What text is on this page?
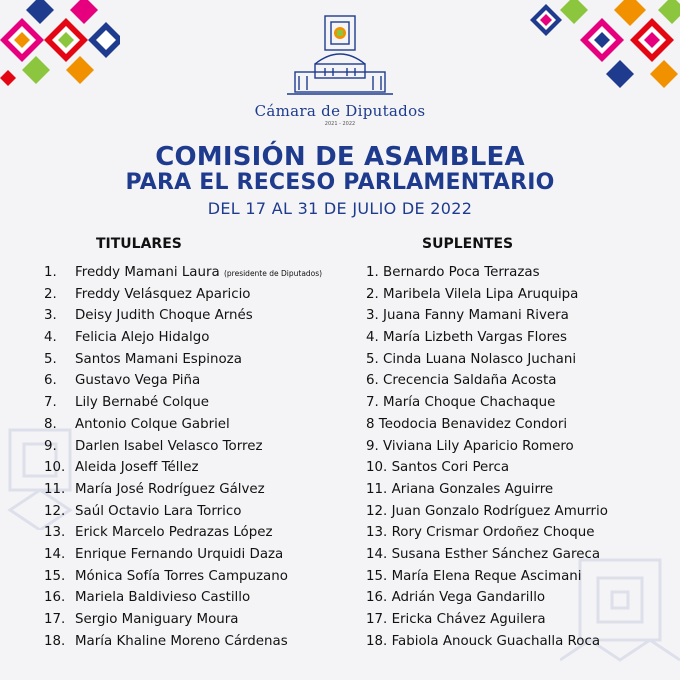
Cámara de Diputados
2021 - 2022
COMISIÓN DE ASAMBLEA
PARA EL RECESO PARLAMENTARIO
DEL 17 AL 31 DE JULIO DE 2022
TITULARES	SUPLENTES
1. Freddy Mamani Laura (presidente de Diputados)
2. Freddy Velásquez Aparicio
3. Deisy Judith Choque Arnés
4. Felicia Alejo Hidalgo
5. Santos Mamani Espinoza
6. Gustavo Vega Piña
7. Lily Bernabé Colque
8. Antonio Colque Gabriel
9. Darlen Isabel Velasco Torrez
10. Aleida Joseff Téllez
11. María José Rodríguez Gálvez
12. Saúl Octavio Lara Torrico
13. Erick Marcelo Pedrazas López
14. Enrique Fernando Urquidi Daza
15. Mónica Sofía Torres Campuzano
16. Mariela Baldivieso Castillo
17. Sergio Maniguary Moura
18. María Khaline Moreno Cárdenas
1. Bernardo Poca Terrazas
2. Maribela Vilela Lipa Aruquipa
3. Juana Fanny Mamani Rivera
4. María Lizbeth Vargas Flores
5. Cinda Luana Nolasco Juchani
6. Crecencia Saldaña Acosta
7. María Choque Chachaque
8 Teodocia Benavidez Condori
9. Viviana Lily Aparicio Romero
10. Santos Cori Perca
11. Ariana Gonzales Aguirre
12. Juan Gonzalo Rodríguez Amurrio
13. Rory Crismar Ordoñez Choque
14. Susana Esther Sánchez Gareca
15. María Elena Reque Ascimani
16. Adrián Vega Gandarillo
17. Ericka Chávez Aguilera
18. Fabiola Anouck Guachalla Roca
